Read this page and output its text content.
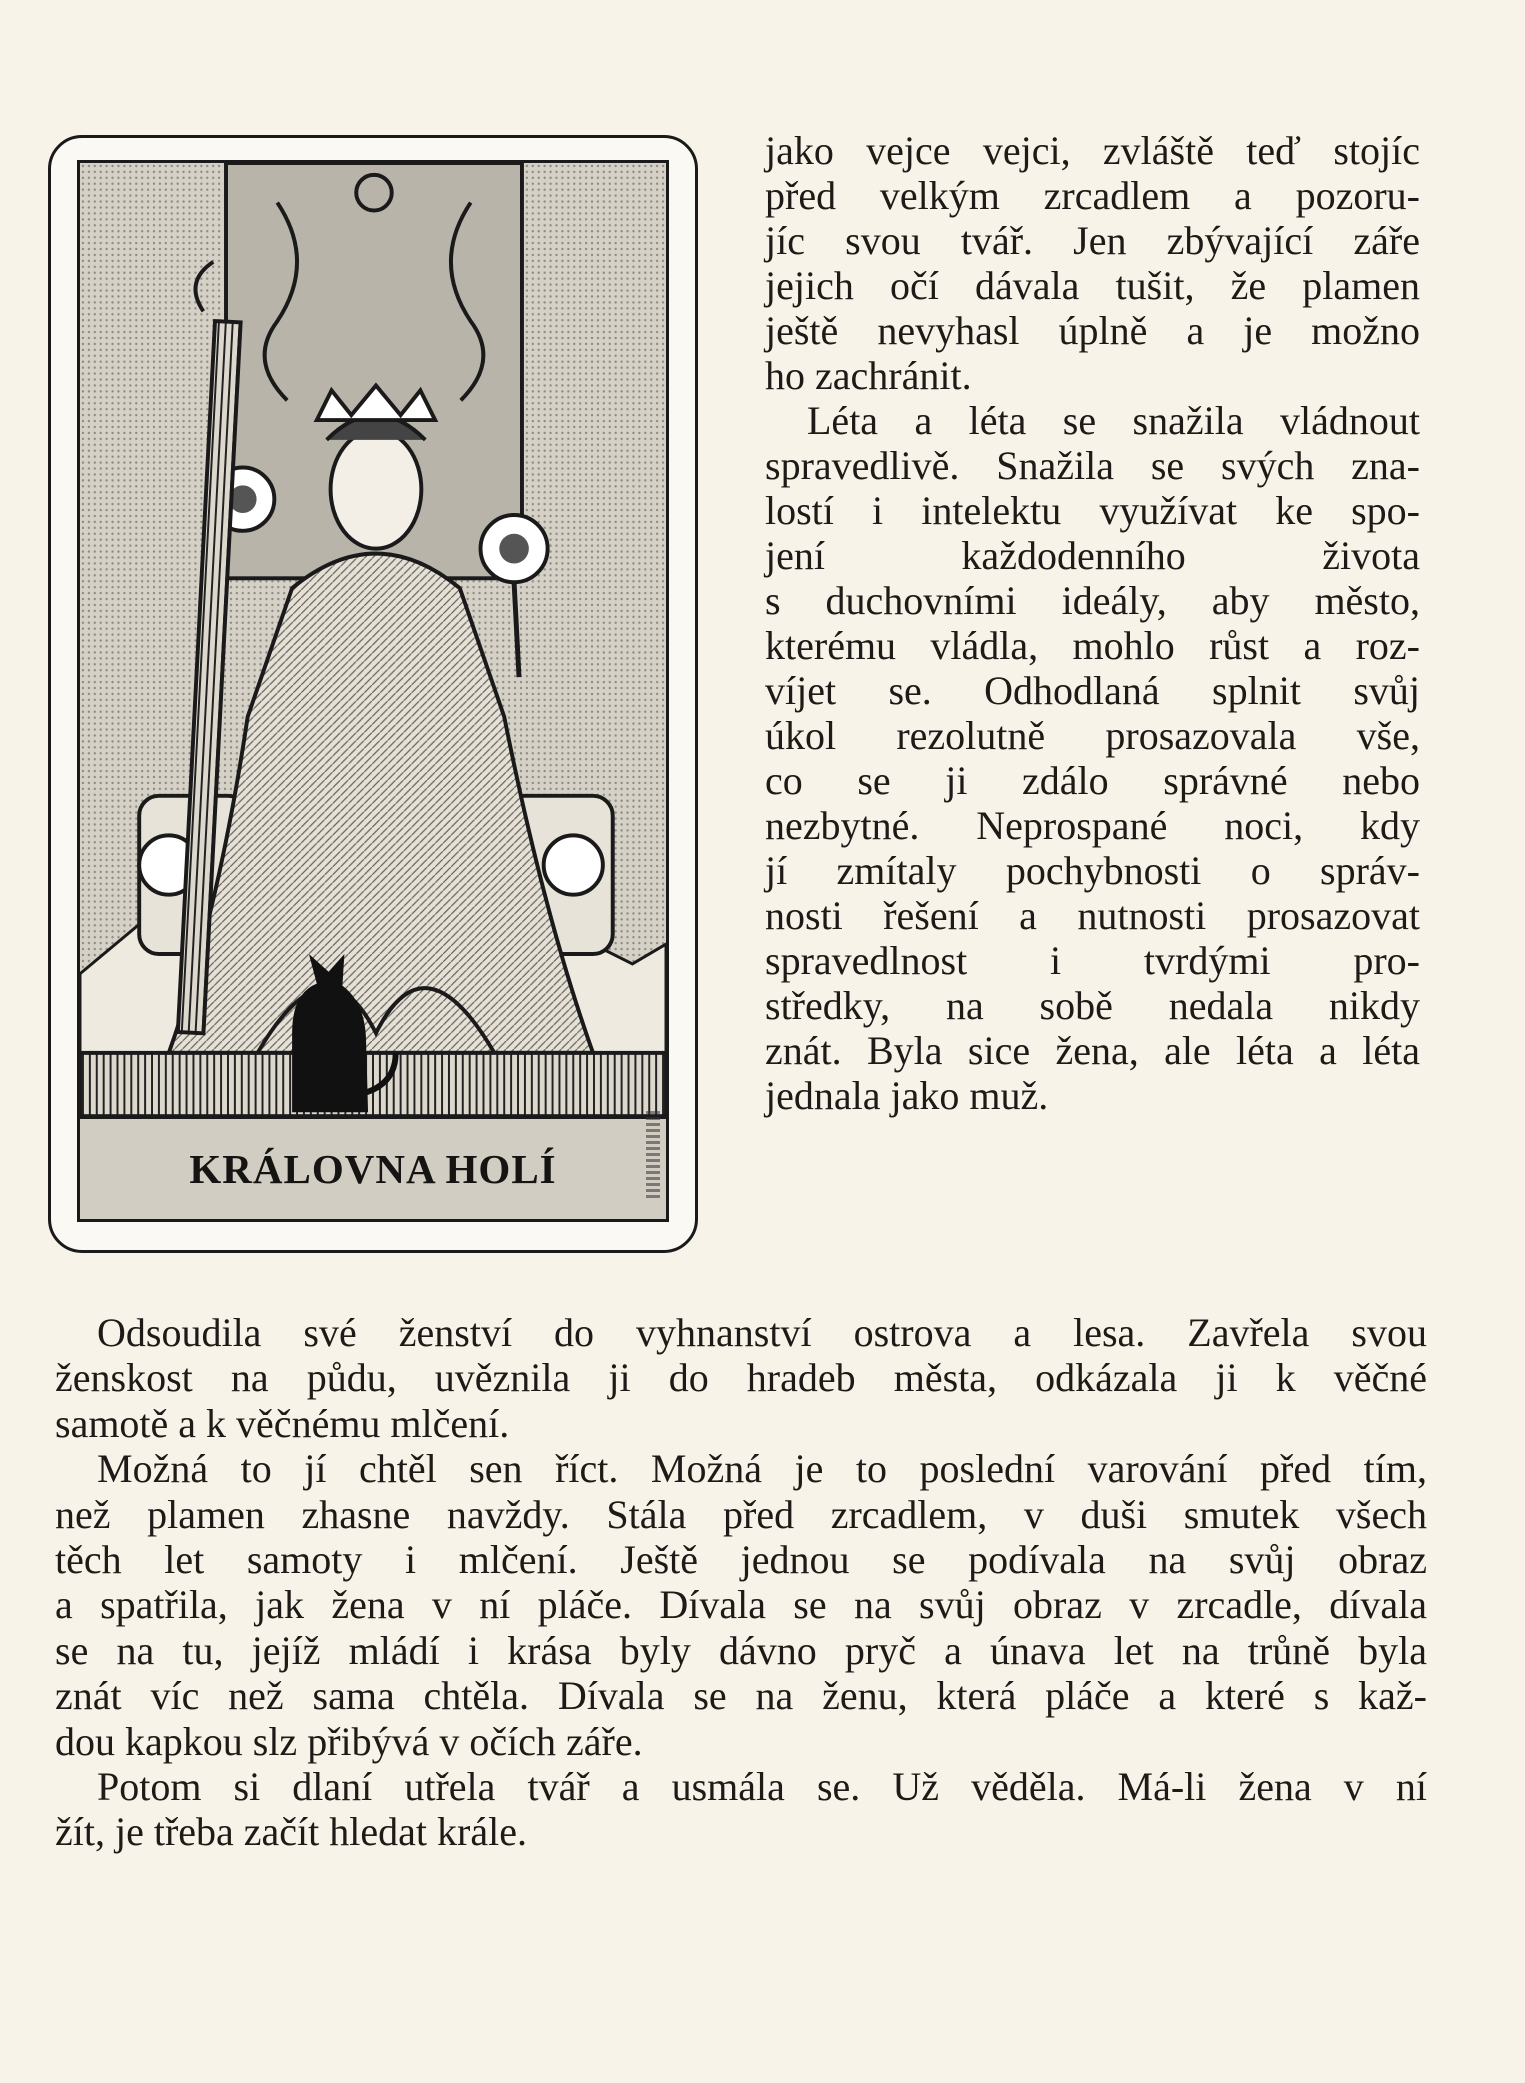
KRÁLOVNA HOLÍ

jako vejce vejci, zvláště teď stojíc
před velkým zrcadlem a pozoru-
jíc svou tvář. Jen zbývající záře
jejich očí dávala tušit, že plamen
ještě nevyhasl úplně a je možno
ho zachránit.

Léta a léta se snažila vládnout
spravedlivě. Snažila se svých zna-
lostí i intelektu využívat ke spo-
jení každodenního života
s duchovními ideály, aby město,
kterému vládla, mohlo růst a roz-
víjet se. Odhodlaná splnit svůj
úkol rezolutně prosazovala vše,
co se ji zdálo správné nebo
nezbytné. Neprospané noci, kdy
jí zmítaly pochybnosti o správ-
nosti řešení a nutnosti prosazovat
spravedlnost i tvrdými pro-
středky, na sobě nedala nikdy
znát. Byla sice žena, ale léta a léta
jednala jako muž.

Odsoudila své ženství do vyhnanství ostrova a lesa. Zavřela svou
ženskost na půdu, uvěznila ji do hradeb města, odkázala ji k věčné
samotě a k věčnému mlčení.

Možná to jí chtěl sen říct. Možná je to poslední varování před tím,
než plamen zhasne navždy. Stála před zrcadlem, v duši smutek všech
těch let samoty i mlčení. Ještě jednou se podívala na svůj obraz
a spatřila, jak žena v ní pláče. Dívala se na svůj obraz v zrcadle, dívala
se na tu, jejíž mládí i krása byly dávno pryč a únava let na trůně byla
znát víc než sama chtěla. Dívala se na ženu, která pláče a které s kaž-
dou kapkou slz přibývá v očích záře.

Potom si dlaní utřela tvář a usmála se. Už věděla. Má-li žena v ní
žít, je třeba začít hledat krále.
